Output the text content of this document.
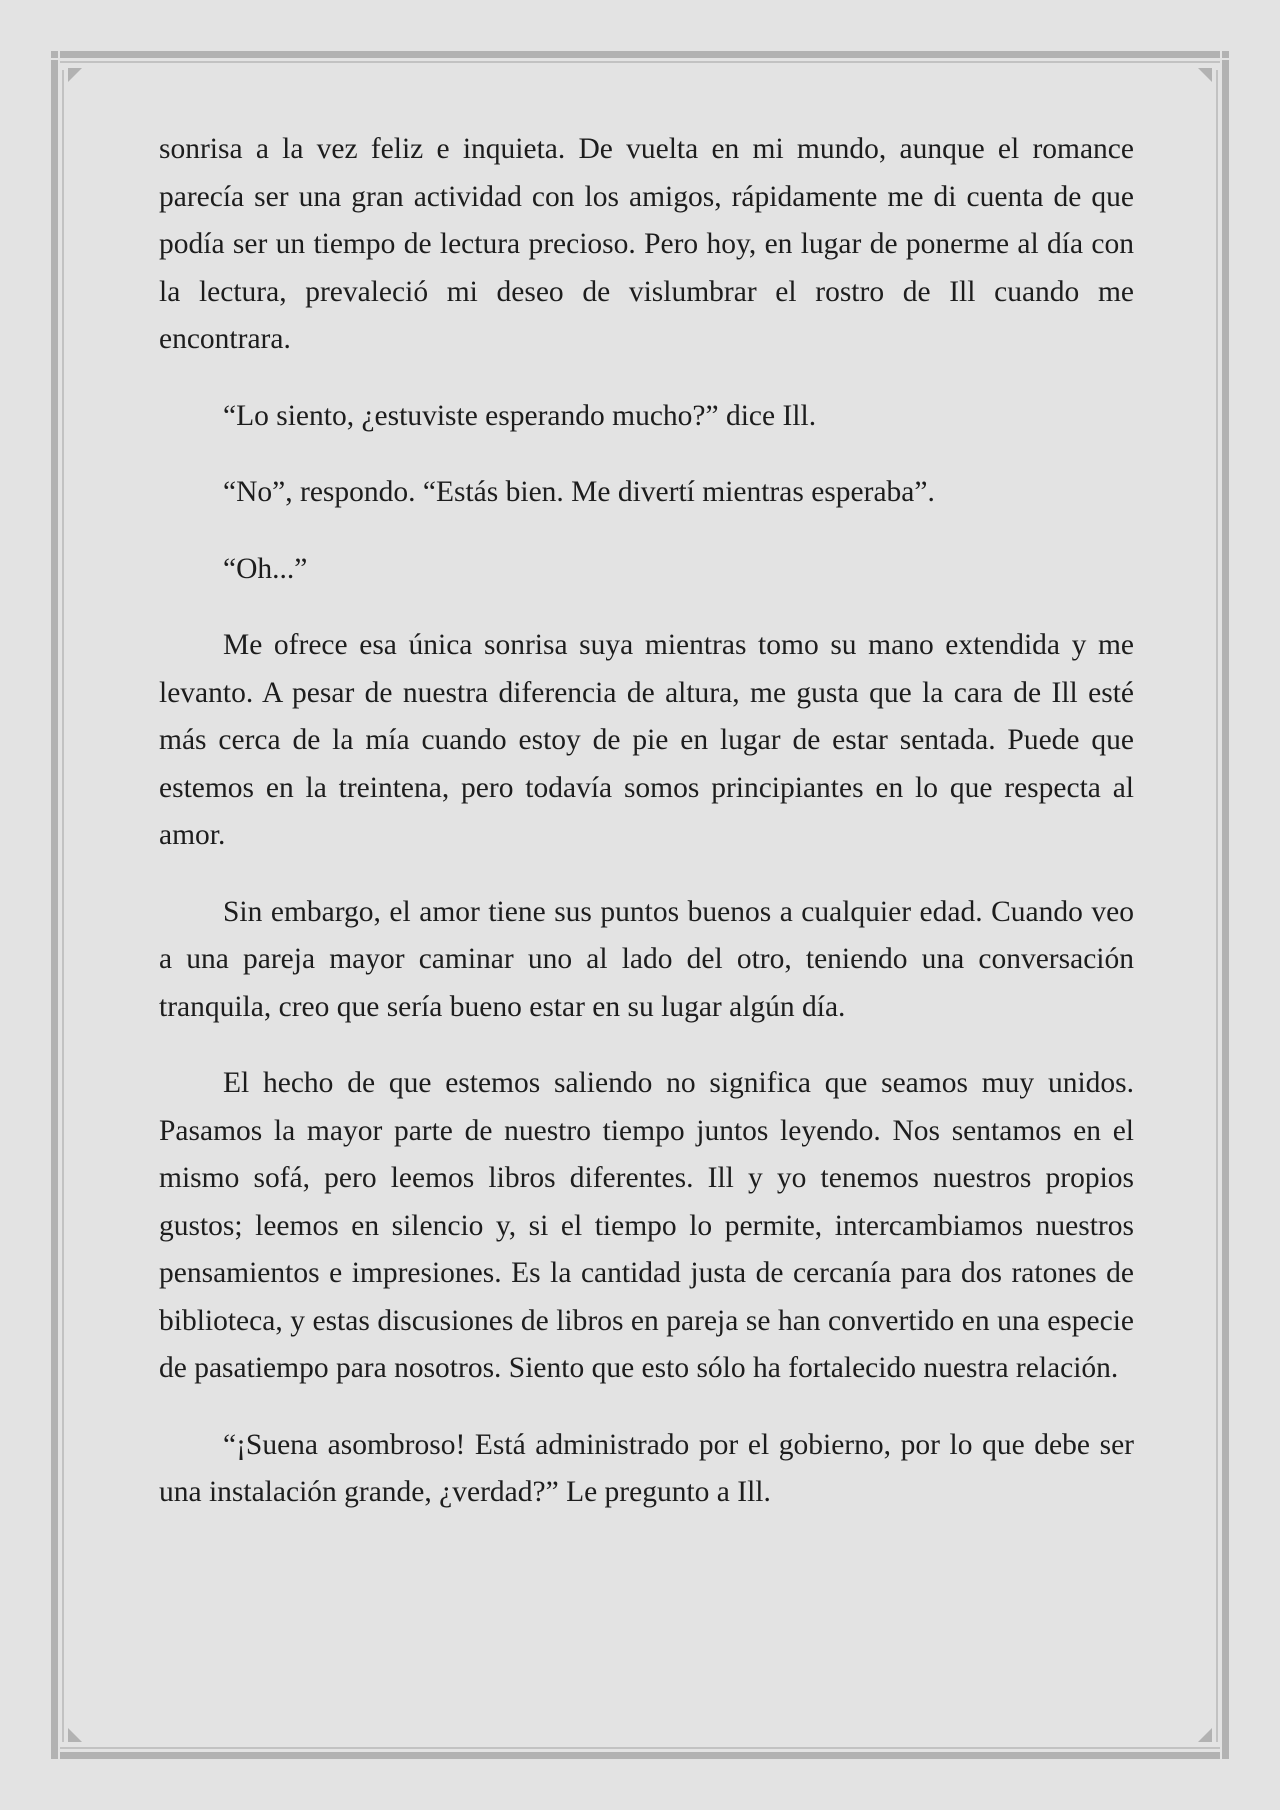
sonrisa a la vez feliz e inquieta. De vuelta en mi mundo, aunque el romance parecía ser una gran actividad con los amigos, rápidamente me di cuenta de que podía ser un tiempo de lectura precioso. Pero hoy, en lugar de ponerme al día con la lectura, prevaleció mi deseo de vislumbrar el rostro de Ill cuando me encontrara.

“Lo siento, ¿estuviste esperando mucho?” dice Ill.

“No”, respondo. “Estás bien. Me divertí mientras esperaba”.

“Oh...”

Me ofrece esa única sonrisa suya mientras tomo su mano extendida y me levanto. A pesar de nuestra diferencia de altura, me gusta que la cara de Ill esté más cerca de la mía cuando estoy de pie en lugar de estar sentada. Puede que estemos en la treintena, pero todavía somos principiantes en lo que respecta al amor.

Sin embargo, el amor tiene sus puntos buenos a cualquier edad. Cuando veo a una pareja mayor caminar uno al lado del otro, teniendo una conversación tranquila, creo que sería bueno estar en su lugar algún día.

El hecho de que estemos saliendo no significa que seamos muy unidos. Pasamos la mayor parte de nuestro tiempo juntos leyendo. Nos sentamos en el mismo sofá, pero leemos libros diferentes. Ill y yo tenemos nuestros propios gustos; leemos en silencio y, si el tiempo lo permite, intercambiamos nuestros pensamientos e impresiones. Es la cantidad justa de cercanía para dos ratones de biblioteca, y estas discusiones de libros en pareja se han convertido en una especie de pasatiempo para nosotros. Siento que esto sólo ha fortalecido nuestra relación.

“¡Suena asombroso! Está administrado por el gobierno, por lo que debe ser una instalación grande, ¿verdad?” Le pregunto a Ill.
